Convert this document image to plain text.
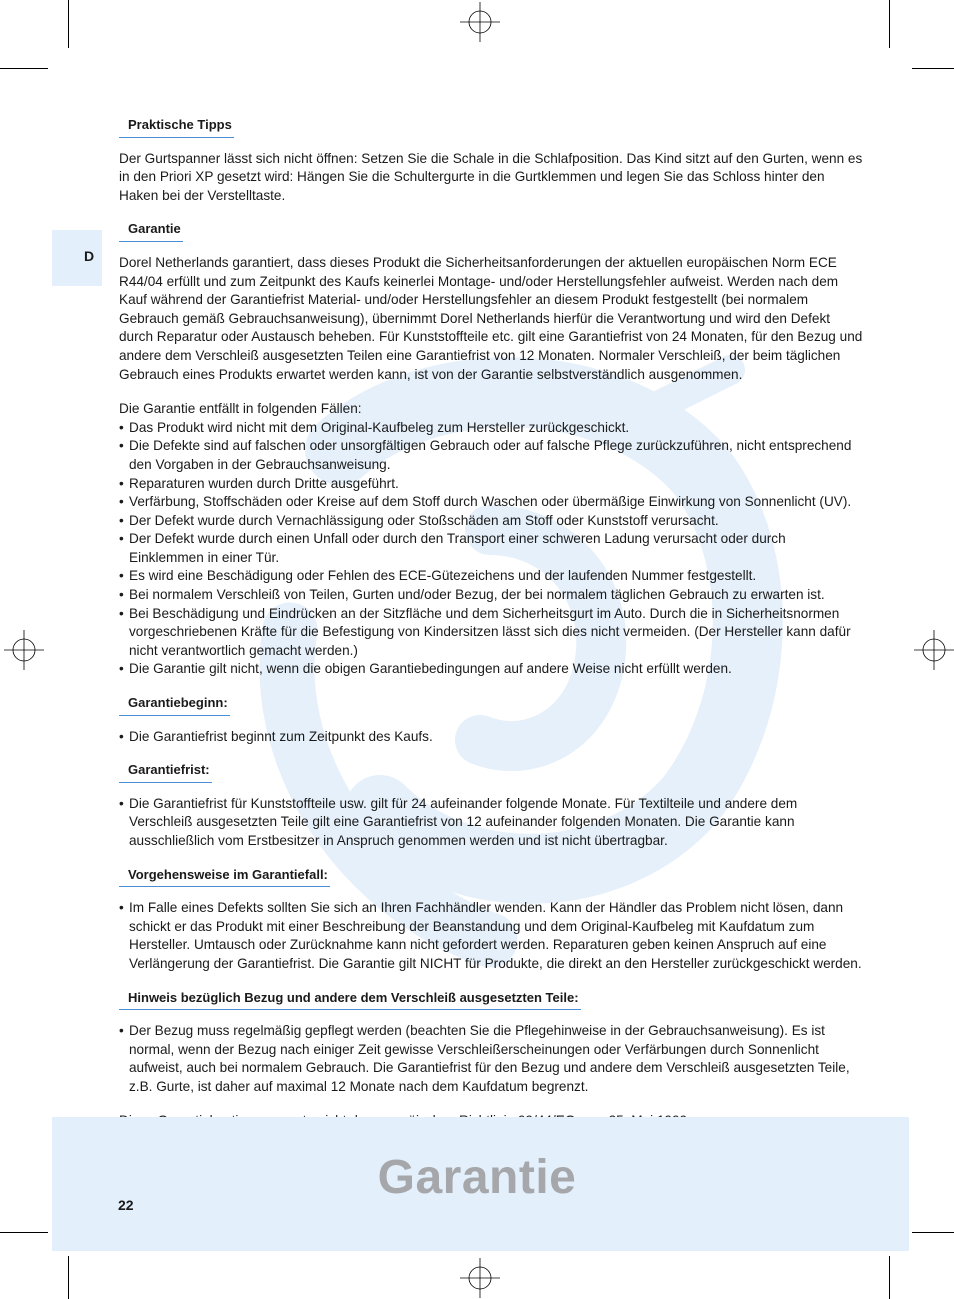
D
Praktische Tipps

Der Gurtspanner lässt sich nicht öffnen: Setzen Sie die Schale in die Schlafposition. Das Kind sitzt auf den Gurten, wenn es in den Priori XP gesetzt wird: Hängen Sie die Schultergurte in die Gurtklemmen und legen Sie das Schloss hinter den Haken bei der Verstelltaste.

Garantie

Dorel Netherlands garantiert, dass dieses Produkt die Sicherheitsanforderungen der aktuellen europäischen Norm ECE R44/04 erfüllt und zum Zeitpunkt des Kaufs keinerlei Montage- und/oder Herstellungsfehler aufweist. Werden nach dem Kauf während der Garantiefrist Material- und/oder Herstellungsfehler an diesem Produkt festgestellt (bei normalem Gebrauch gemäß Gebrauchsanweisung), übernimmt Dorel Netherlands hierfür die Verantwortung und wird den Defekt durch Reparatur oder Austausch beheben. Für Kunststoffteile etc. gilt eine Garantiefrist von 24 Monaten, für den Bezug und andere dem Verschleiß ausgesetzten Teilen eine Garantiefrist von 12 Monaten. Normaler Verschleiß, der beim täglichen Gebrauch eines Produkts erwartet werden kann, ist von der Garantie selbstverständlich ausgenommen.

Die Garantie entfällt in folgenden Fällen:

• Das Produkt wird nicht mit dem Original-Kaufbeleg zum Hersteller zurückgeschickt.
• Die Defekte sind auf falschen oder unsorgfältigen Gebrauch oder auf falsche Pflege zurückzuführen, nicht entsprechend den Vorgaben in der Gebrauchsanweisung.
• Reparaturen wurden durch Dritte ausgeführt.
• Verfärbung, Stoffschäden oder Kreise auf dem Stoff durch Waschen oder übermäßige Einwirkung von Sonnenlicht (UV).
• Der Defekt wurde durch Vernachlässigung oder Stoßschäden am Stoff oder Kunststoff verursacht.
• Der Defekt wurde durch einen Unfall oder durch den Transport einer schweren Ladung verursacht oder durch Einklemmen in einer Tür.
• Es wird eine Beschädigung oder Fehlen des ECE-Gütezeichens und der laufenden Nummer festgestellt.
• Bei normalem Verschleiß von Teilen, Gurten und/oder Bezug, der bei normalem täglichen Gebrauch zu erwarten ist.
• Bei Beschädigung und Eindrücken an der Sitzfläche und dem Sicherheitsgurt im Auto. Durch die in Sicherheitsnormen vorgeschriebenen Kräfte für die Befestigung von Kindersitzen lässt sich dies nicht vermeiden. (Der Hersteller kann dafür nicht verantwortlich gemacht werden.)
• Die Garantie gilt nicht, wenn die obigen Garantiebedingungen auf andere Weise nicht erfüllt werden.
Garantiebeginn:
• Die Garantiefrist beginnt zum Zeitpunkt des Kaufs.
Garantiefrist:
• Die Garantiefrist für Kunststoffteile usw. gilt für 24 aufeinander folgende Monate. Für Textilteile und andere dem Verschleiß ausgesetzten Teile gilt eine Garantiefrist von 12 aufeinander folgenden Monaten. Die Garantie kann ausschließlich vom Erstbesitzer in Anspruch genommen werden und ist nicht übertragbar.
Vorgehensweise im Garantiefall:
• Im Falle eines Defekts sollten Sie sich an Ihren Fachhändler wenden. Kann der Händler das Problem nicht lösen, dann schickt er das Produkt mit einer Beschreibung der Beanstandung und dem Original-Kaufbeleg mit Kaufdatum zum Hersteller. Umtausch oder Zurücknahme kann nicht gefordert werden. Reparaturen geben keinen Anspruch auf eine Verlängerung der Garantiefrist. Die Garantie gilt NICHT für Produkte, die direkt an den Hersteller zurückgeschickt werden.
Hinweis bezüglich Bezug und andere dem Verschleiß ausgesetzten Teile:
• Der Bezug muss regelmäßig gepflegt werden (beachten Sie die Pflegehinweise in der Gebrauchsanweisung). Es ist normal, wenn der Bezug nach einiger Zeit gewisse Verschleißerscheinungen oder Verfärbungen durch Sonnenlicht aufweist, auch bei normalem Gebrauch. Die Garantiefrist für den Bezug und andere dem Verschleiß ausgesetzten Teile, z.B. Gurte, ist daher auf maximal 12 Monate nach dem Kaufdatum begrenzt.

Garantie
22
